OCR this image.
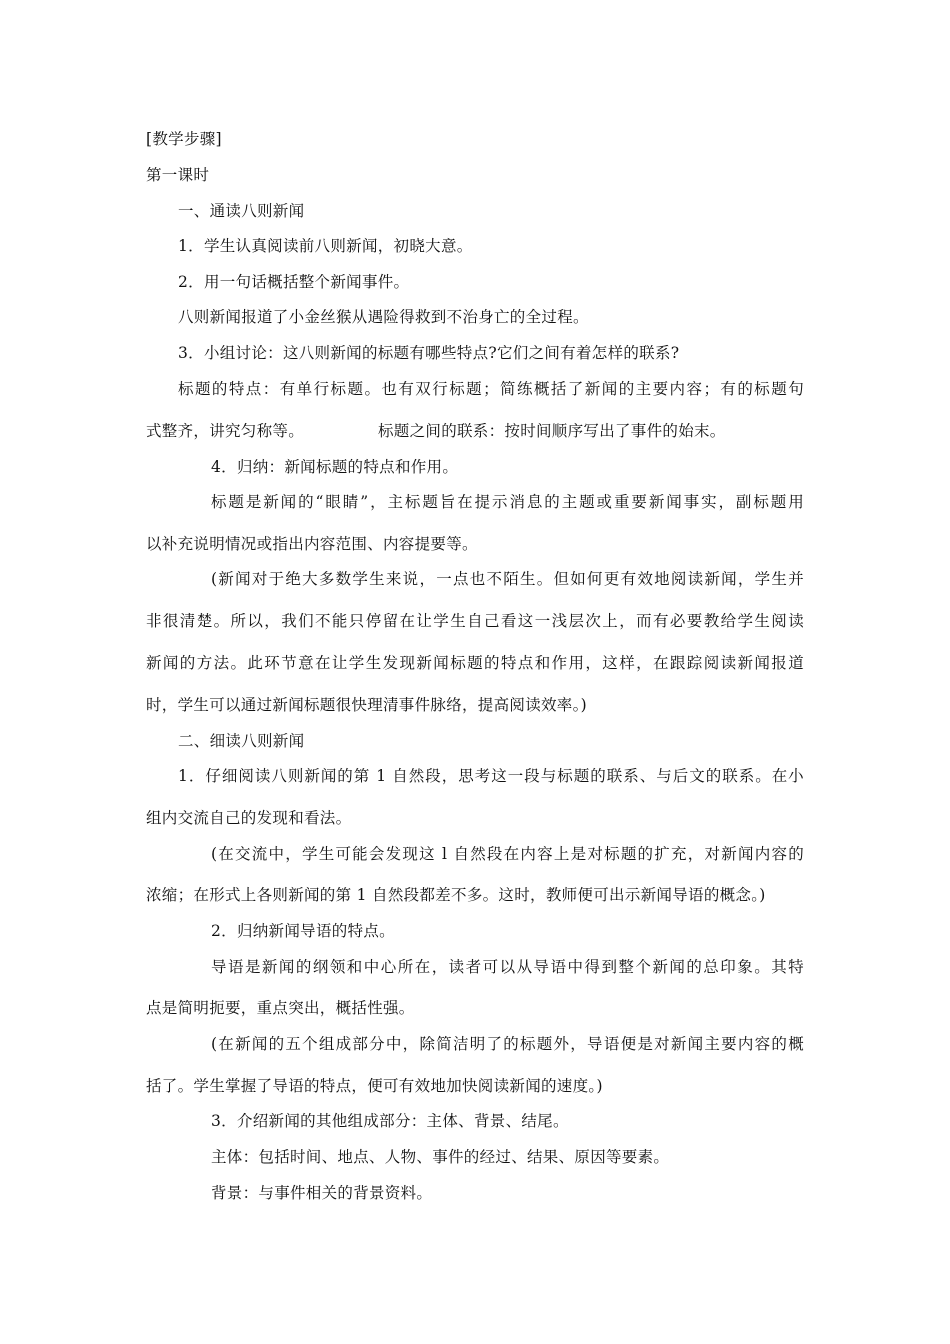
[教学步骤]
第一课时
一、通读八则新闻
1．学生认真阅读前八则新闻，初晓大意。
2．用一句话概括整个新闻事件。
八则新闻报道了小金丝猴从遇险得救到不治身亡的全过程。
3．小组讨论：这八则新闻的标题有哪些特点?它们之间有着怎样的联系?
标题的特点：有单行标题。也有双行标题；简练概括了新闻的主要内容；有的标题句
式整齐，讲究匀称等。	标题之间的联系：按时间顺序写出了事件的始末。
4．归纳：新闻标题的特点和作用。
标题是新闻的“眼睛”，主标题旨在提示消息的主题或重要新闻事实，副标题用
以补充说明情况或指出内容范围、内容提要等。
(新闻对于绝大多数学生来说，一点也不陌生。但如何更有效地阅读新闻，学生并
非很清楚。所以，我们不能只停留在让学生自己看这一浅层次上，而有必要教给学生阅读
新闻的方法。此环节意在让学生发现新闻标题的特点和作用，这样，在跟踪阅读新闻报道
时，学生可以通过新闻标题很快理清事件脉络，提高阅读效率。)
二、细读八则新闻
1．仔细阅读八则新闻的第 1 自然段，思考这一段与标题的联系、与后文的联系。在小
组内交流自己的发现和看法。
(在交流中，学生可能会发现这 l 自然段在内容上是对标题的扩充，对新闻内容的
浓缩；在形式上各则新闻的第 1 自然段都差不多。这时，教师便可出示新闻导语的概念。)
2．归纳新闻导语的特点。
导语是新闻的纲领和中心所在，读者可以从导语中得到整个新闻的总印象。其特
点是简明扼要，重点突出，概括性强。
(在新闻的五个组成部分中，除简洁明了的标题外，导语便是对新闻主要内容的概
括了。学生掌握了导语的特点，便可有效地加快阅读新闻的速度。)
3．介绍新闻的其他组成部分：主体、背景、结尾。
主体：包括时间、地点、人物、事件的经过、结果、原因等要素。
背景：与事件相关的背景资料。
